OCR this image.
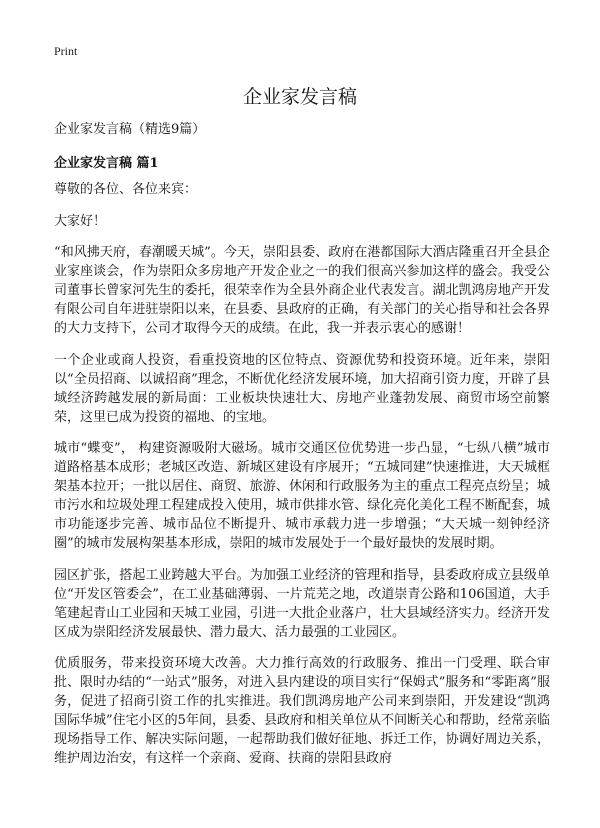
Print
企业家发言稿

企业家发言稿（精选9篇）

企业家发言稿 篇1

尊敬的各位、各位来宾：

大家好！

“和风拂天府，春潮暖天城”。今天，崇阳县委、政府在港都国际大酒店隆重召开全县企业家座谈会，作为崇阳众多房地产开发企业之一的我们很高兴参加这样的盛会。我受公司董事长曾家河先生的委托，很荣幸作为全县外商企业代表发言。湖北凯鸿房地产开发有限公司自年进驻崇阳以来，在县委、县政府的正确，有关部门的关心指导和社会各界的大力支持下，公司才取得今天的成绩。在此，我一并表示衷心的感谢！

一个企业或商人投资，看重投资地的区位特点、资源优势和投资环境。近年来，崇阳以“全员招商、以诚招商”理念，不断优化经济发展环境，加大招商引资力度，开辟了县域经济跨越发展的新局面：工业板块快速壮大、房地产业蓬勃发展、商贸市场空前繁荣，这里已成为投资的福地、的宝地。

城市“蝶变”， 构建资源吸附大磁场。城市交通区位优势进一步凸显，“七纵八横”城市道路格基本成形；老城区改造、新城区建设有序展开；“五城同建”快速推进，大天城框架基本拉开；一批以居住、商贸、旅游、休闲和行政服务为主的重点工程亮点纷呈；城市污水和垃圾处理工程建成投入使用，城市供排水管、绿化亮化美化工程不断配套，城市功能逐步完善、城市品位不断提升、城市承载力进一步增强；“大天城一刻钟经济圈”的城市发展构架基本形成，崇阳的城市发展处于一个最好最快的发展时期。

园区扩张，搭起工业跨越大平台。为加强工业经济的管理和指导，县委政府成立县级单位“开发区管委会”，在工业基础薄弱、一片荒芜之地，改道崇青公路和106国道，大手笔建起青山工业园和天城工业园，引进一大批企业落户，壮大县域经济实力。经济开发区成为崇阳经济发展最快、潜力最大、活力最强的工业园区。

优质服务，带来投资环境大改善。大力推行高效的行政服务、推出一门受理、联合审批、限时办结的“一站式”服务，对进入县内建设的项目实行“保姆式”服务和“零距离”服务，促进了招商引资工作的扎实推进。我们凯鸿房地产公司来到崇阳，开发建设“凯鸿国际华城”住宅小区的5年间，县委、县政府和相关单位从不间断关心和帮助，经常亲临现场指导工作、解决实际问题，一起帮助我们做好征地、拆迁工作，协调好周边关系，维护周边治安，有这样一个亲商、爱商、扶商的崇阳县政府
